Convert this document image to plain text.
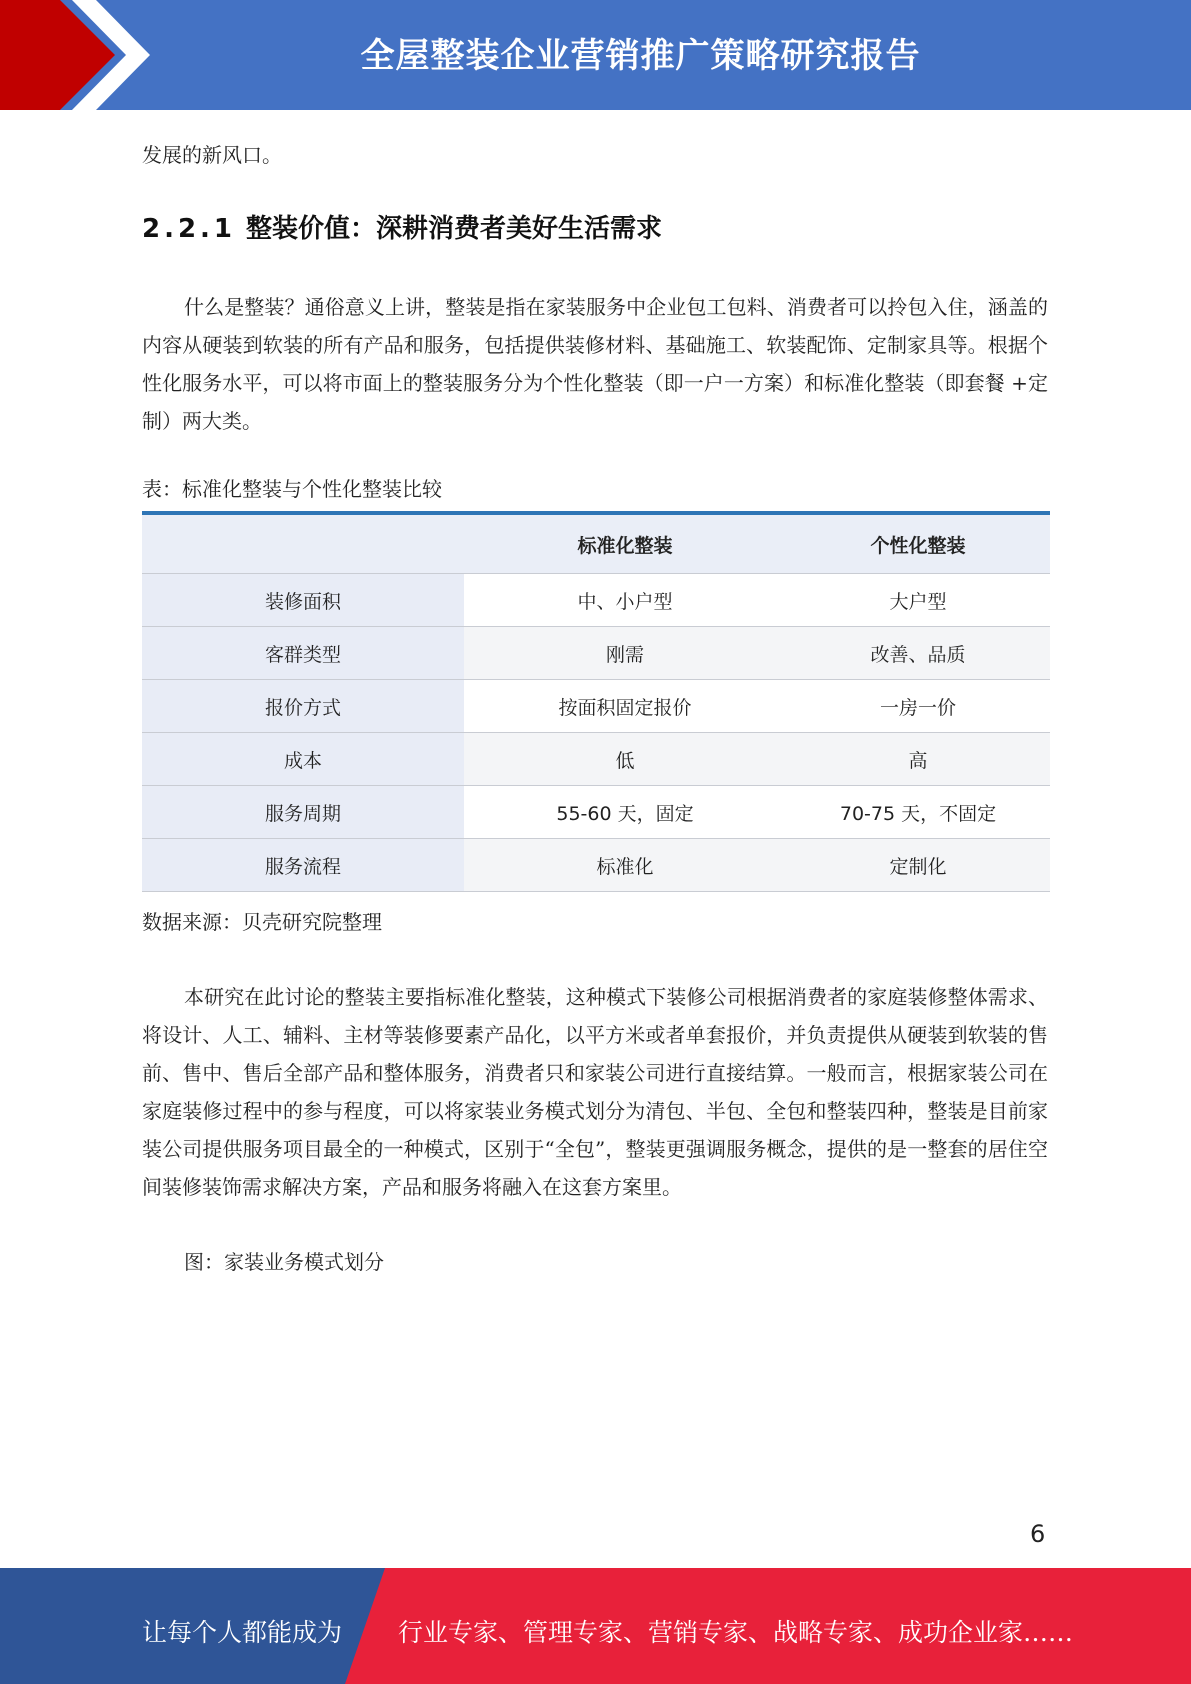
全屋整装企业营销推广策略研究报告

发展的新风口。

2.2.1 整装价值：深耕消费者美好生活需求

什么是整装？通俗意义上讲，整装是指在家装服务中企业包工包料、消费者可以拎包入住，涵盖的内容从硬装到软装的所有产品和服务，包括提供装修材料、基础施工、软装配饰、定制家具等。根据个性化服务水平，可以将市面上的整装服务分为个性化整装（即一户一方案）和标准化整装（即套餐 +定制）两大类。

表：标准化整装与个性化整装比较
	标准化整装	个性化整装
装修面积	中、小户型	大户型
客群类型	刚需	改善、品质
报价方式	按面积固定报价	一房一价
成本	低	高
服务周期	55-60 天，固定	70-75 天，不固定
服务流程	标准化	定制化
数据来源：贝壳研究院整理

本研究在此讨论的整装主要指标准化整装，这种模式下装修公司根据消费者的家庭装修整体需求、将设计、人工、辅料、主材等装修要素产品化，以平方米或者单套报价，并负责提供从硬装到软装的售前、售中、售后全部产品和整体服务，消费者只和家装公司进行直接结算。一般而言，根据家装公司在家庭装修过程中的参与程度，可以将家装业务模式划分为清包、半包、全包和整装四种，整装是目前家装公司提供服务项目最全的一种模式，区别于“全包”，整装更强调服务概念，提供的是一整套的居住空间装修装饰需求解决方案，产品和服务将融入在这套方案里。

图：家装业务模式划分
6
让每个人都能成为 行业专家、管理专家、营销专家、战略专家、成功企业家……
